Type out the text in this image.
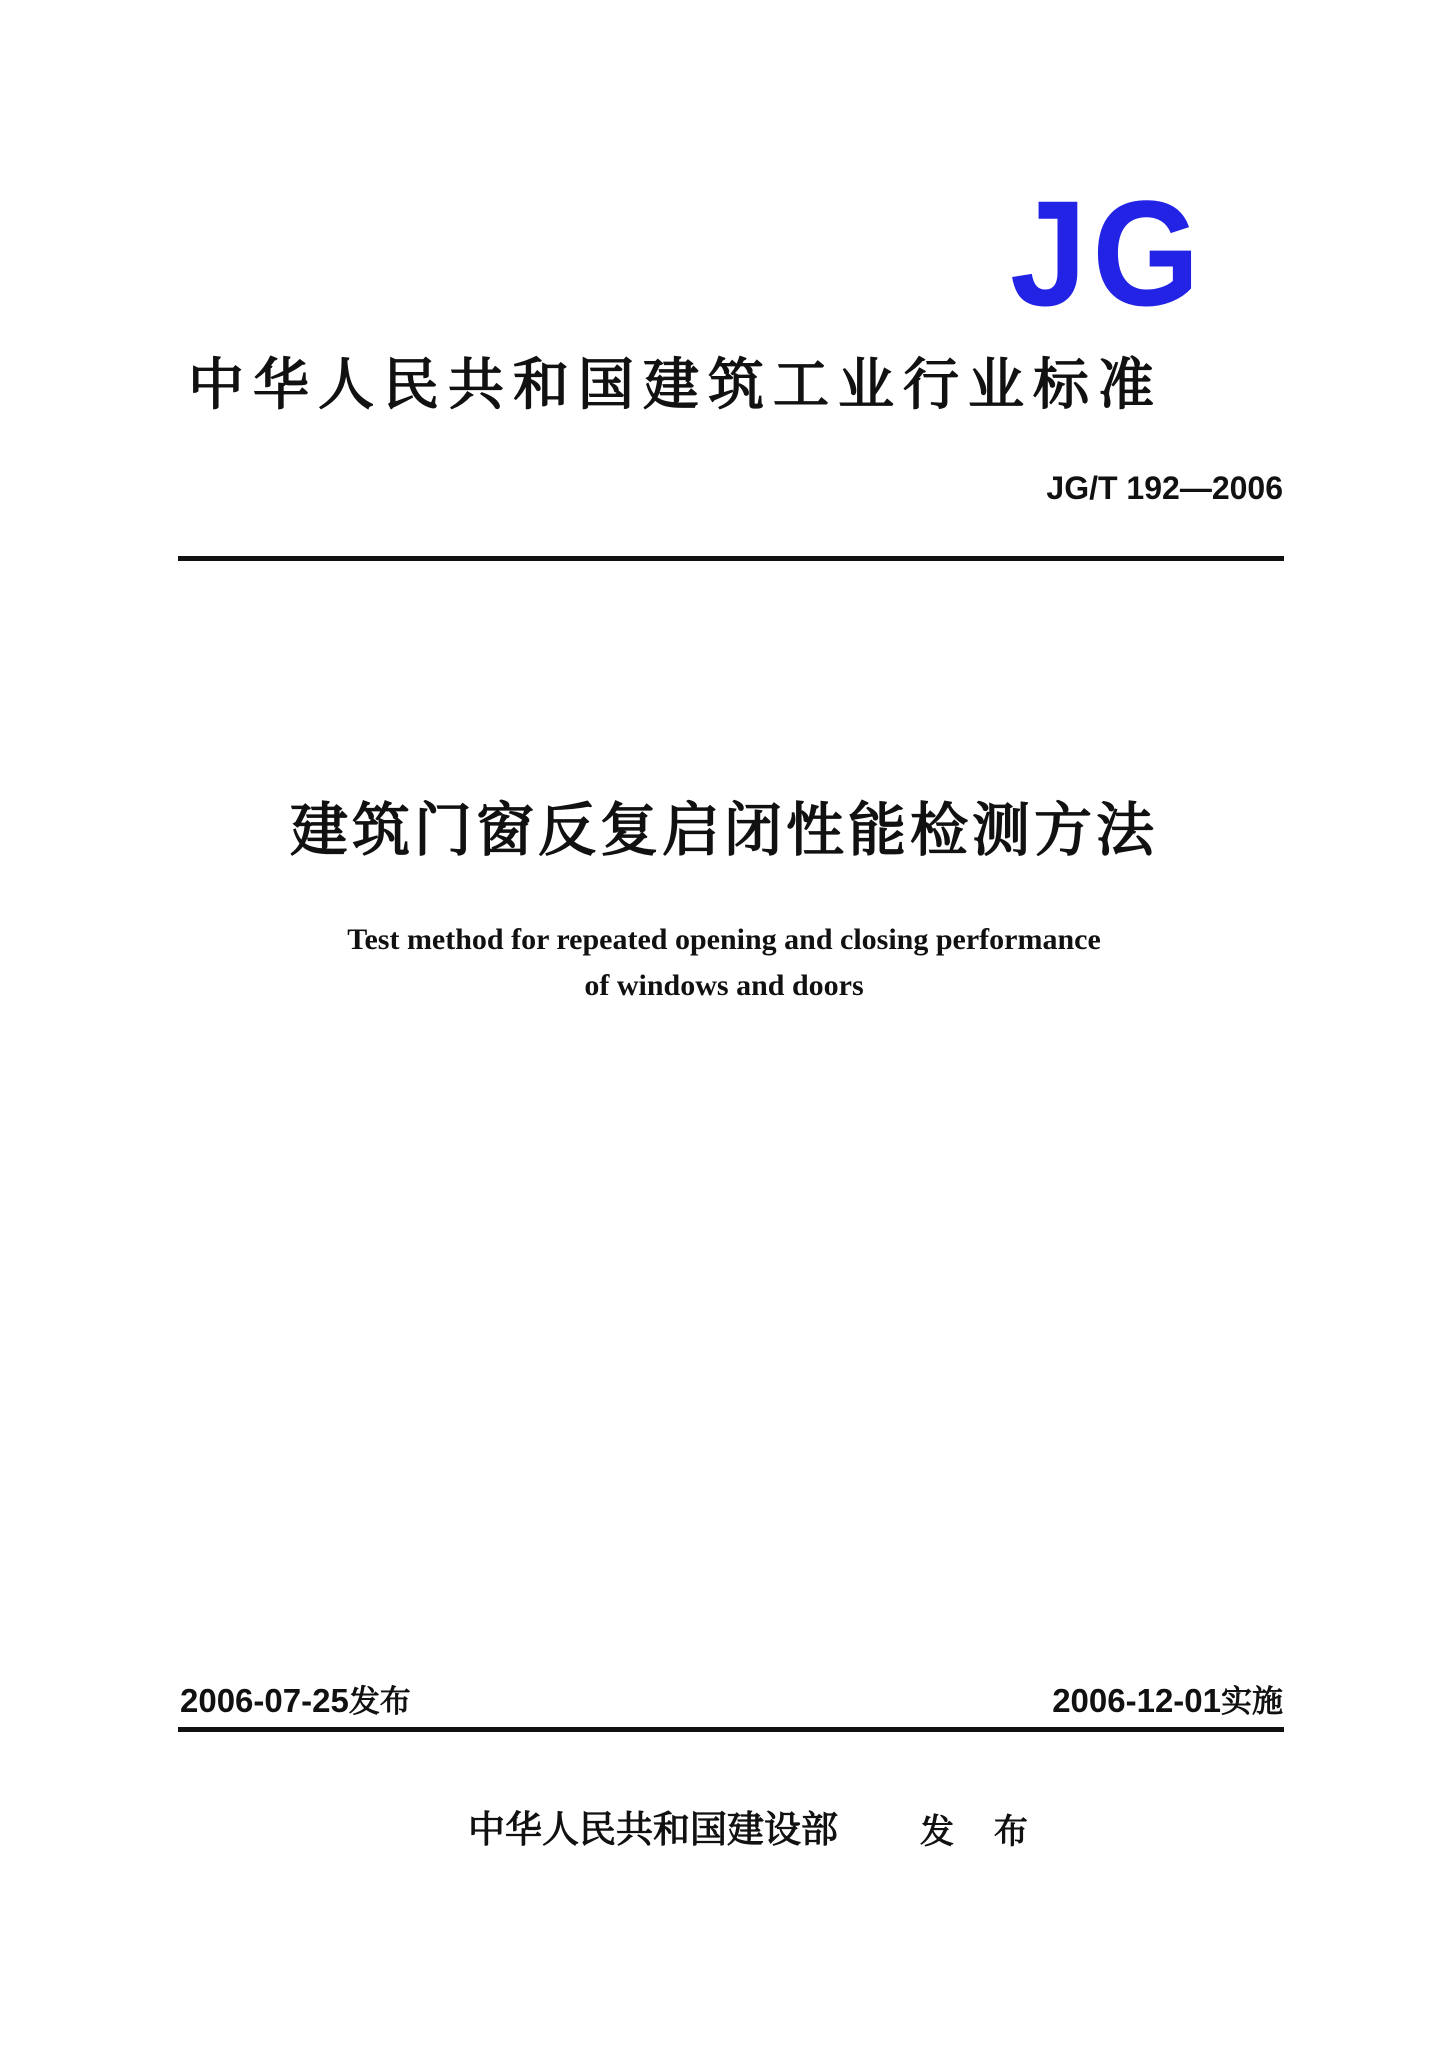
JG
中华人民共和国建筑工业行业标准
JG/T 192—2006
建筑门窗反复启闭性能检测方法
Test method for repeated opening and closing performance
of windows and doors
2006-07-25发布	2006-12-01实施
中华人民共和国建设部 发 布
